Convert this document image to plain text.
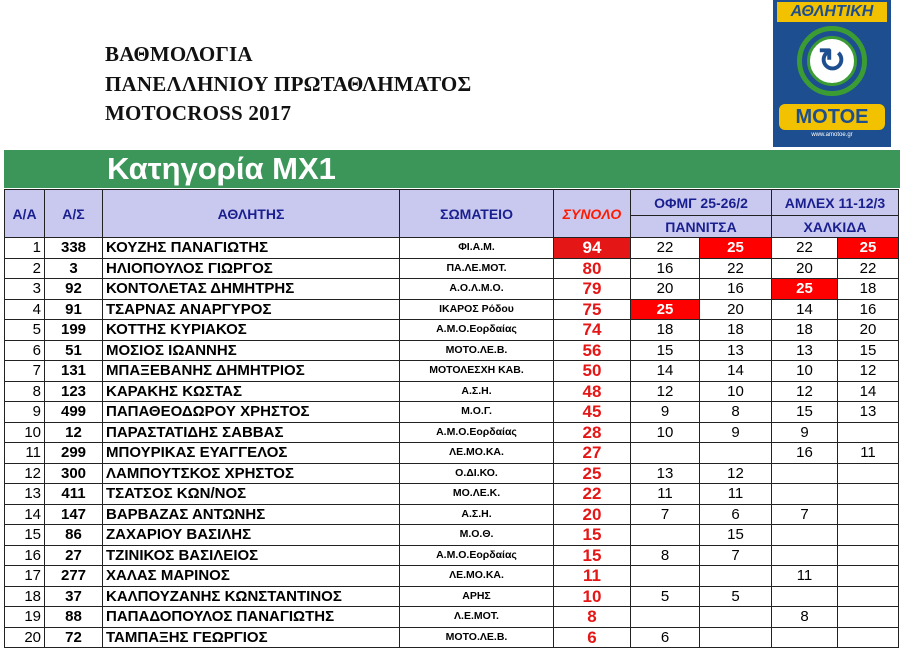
ΒΑΘΜΟΛΟΓΙΑ
ΠΑΝΕΛΛΗΝΙΟΥ ΠΡΩΤΑΘΛΗΜΑΤΟΣ
MOTOCROSS 2017
ΑΘΛΗΤΙΚΗ
↻
MOTOE
www.amotoe.gr
Κατηγορία MX1
Α/Α	Α/Σ	ΑΘΛΗΤΗΣ	ΣΩΜΑΤΕΙΟ	ΣΥΝΟΛΟ	ΟΦΜΓ 25-26/2		ΑΜΛΕΧ 11-12/3	
					ΠΑΝΝΙΤΣΑ		ΧΑΛΚΙΔΑ	
1	338	ΚΟΥΖΗΣ ΠΑΝΑΓΙΩΤΗΣ	ΦΙ.Α.Μ.	94	22	25	22	25
2	3	ΗΛΙΟΠΟΥΛΟΣ ΓΙΩΡΓΟΣ	ΠΑ.ΛΕ.ΜΟΤ.	80	16	22	20	22
3	92	ΚΟΝΤΟΛΕΤΑΣ ΔΗΜΗΤΡΗΣ	Α.Ο.Λ.Μ.Ο.	79	20	16	25	18
4	91	ΤΣΑΡΝΑΣ ΑΝΑΡΓΥΡΟΣ	ΙΚΑΡΟΣ Ρόδου	75	25	20	14	16
5	199	ΚΟΤΤΗΣ ΚΥΡΙΑΚΟΣ	Α.Μ.Ο.Εορδαίας	74	18	18	18	20
6	51	ΜΟΣΙΟΣ ΙΩΑΝΝΗΣ	ΜΟΤΟ.ΛΕ.Β.	56	15	13	13	15
7	131	ΜΠΑΞΕΒΑΝΗΣ ΔΗΜΗΤΡΙΟΣ	ΜΟΤΟΛΕΣΧΗ ΚΑΒ.	50	14	14	10	12
8	123	ΚΑΡΑΚΗΣ ΚΩΣΤΑΣ	Α.Σ.Η.	48	12	10	12	14
9	499	ΠΑΠΑΘΕΟΔΩΡΟΥ ΧΡΗΣΤΟΣ	Μ.Ο.Γ.	45	9	8	15	13
10	12	ΠΑΡΑΣΤΑΤΙΔΗΣ ΣΑΒΒΑΣ	Α.Μ.Ο.Εορδαίας	28	10	9	9	
11	299	ΜΠΟΥΡΙΚΑΣ ΕΥΑΓΓΕΛΟΣ	ΛΕ.ΜΟ.ΚΑ.	27			16	11
12	300	ΛΑΜΠΟΥΤΣΚΟΣ ΧΡΗΣΤΟΣ	Ο.ΔΙ.ΚΟ.	25	13	12		
13	411	ΤΣΑΤΣΟΣ ΚΩΝ/ΝΟΣ	ΜΟ.ΛΕ.Κ.	22	11	11		
14	147	ΒΑΡΒΑΖΑΣ ΑΝΤΩΝΗΣ	Α.Σ.Η.	20	7	6	7	
15	86	ΖΑΧΑΡΙΟΥ ΒΑΣΙΛΗΣ	Μ.Ο.Θ.	15		15		
16	27	ΤΖΙΝΙΚΟΣ ΒΑΣΙΛΕΙΟΣ	Α.Μ.Ο.Εορδαίας	15	8	7		
17	277	ΧΑΛΑΣ ΜΑΡΙΝΟΣ	ΛΕ.ΜΟ.ΚΑ.	11			11	
18	37	ΚΑΛΠΟΥΖΑΝΗΣ ΚΩΝΣΤΑΝΤΙΝΟΣ	ΑΡΗΣ	10	5	5		
19	88	ΠΑΠΑΔΟΠΟΥΛΟΣ ΠΑΝΑΓΙΩΤΗΣ	Λ.Ε.ΜΟΤ.	8			8	
20	72	ΤΑΜΠΑΞΗΣ ΓΕΩΡΓΙΟΣ	ΜΟΤΟ.ΛΕ.Β.	6	6			
